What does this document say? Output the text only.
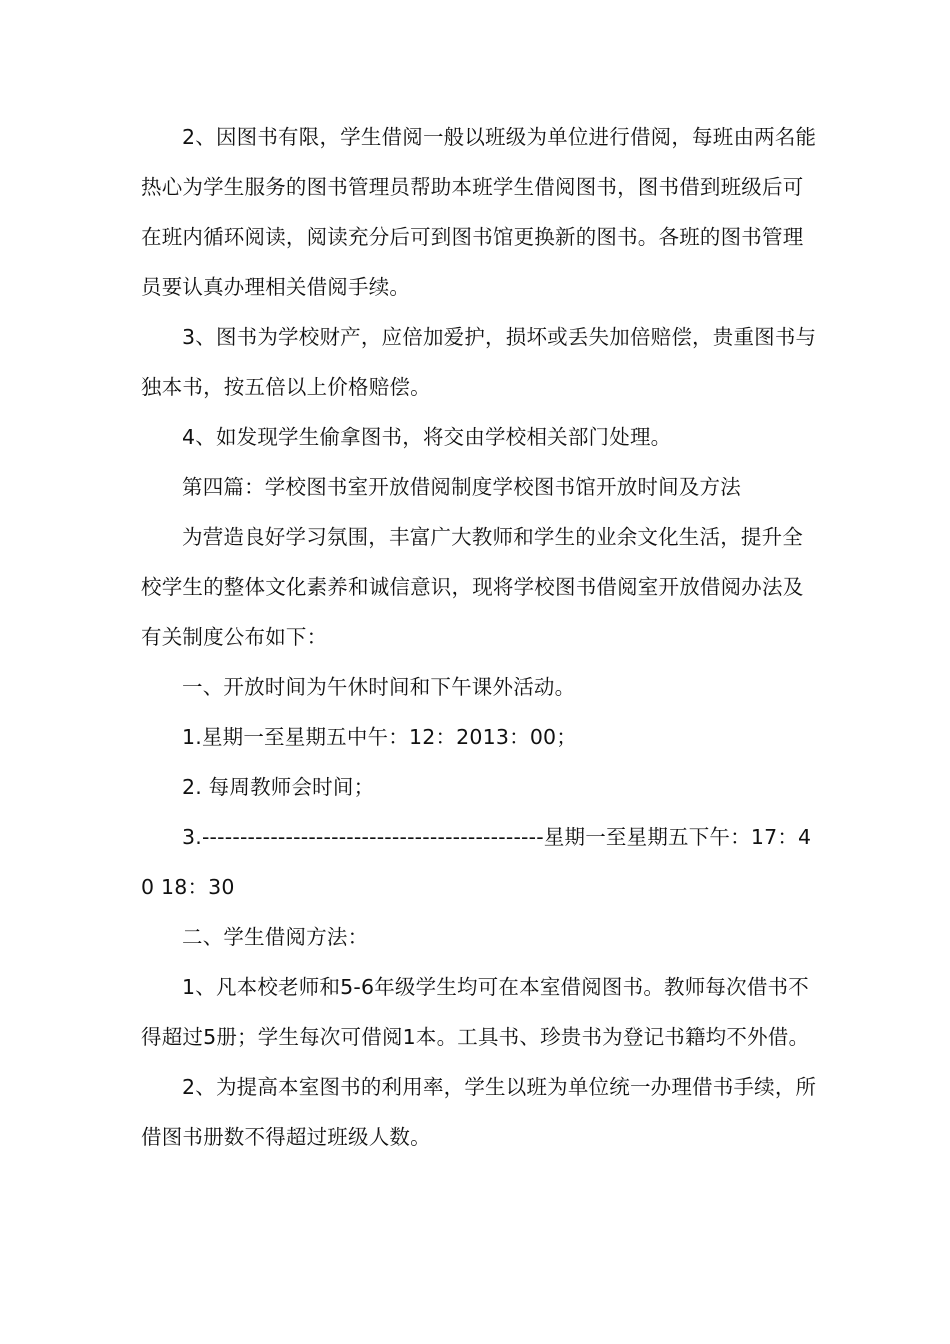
2、因图书有限，学生借阅一般以班级为单位进行借阅，每班由两名能热心为学生服务的图书管理员帮助本班学生借阅图书，图书借到班级后可在班内循环阅读，阅读充分后可到图书馆更换新的图书。各班的图书管理员要认真办理相关借阅手续。

3、图书为学校财产，应倍加爱护，损坏或丢失加倍赔偿，贵重图书与独本书，按五倍以上价格赔偿。

4、如发现学生偷拿图书，将交由学校相关部门处理。

第四篇：学校图书室开放借阅制度学校图书馆开放时间及方法

为营造良好学习氛围，丰富广大教师和学生的业余文化生活，提升全校学生的整体文化素养和诚信意识，现将学校图书借阅室开放借阅办法及有关制度公布如下：

一、开放时间为午休时间和下午课外活动。

1.星期一至星期五中午：12：2013：00；

2. 每周教师会时间；

3.---------------------------------------------星期一至星期五下午：17：40 18：30

二、学生借阅方法：

1、凡本校老师和5-6年级学生均可在本室借阅图书。教师每次借书不得超过5册；学生每次可借阅1本。工具书、珍贵书为登记书籍均不外借。

2、为提高本室图书的利用率，学生以班为单位统一办理借书手续，所借图书册数不得超过班级人数。
